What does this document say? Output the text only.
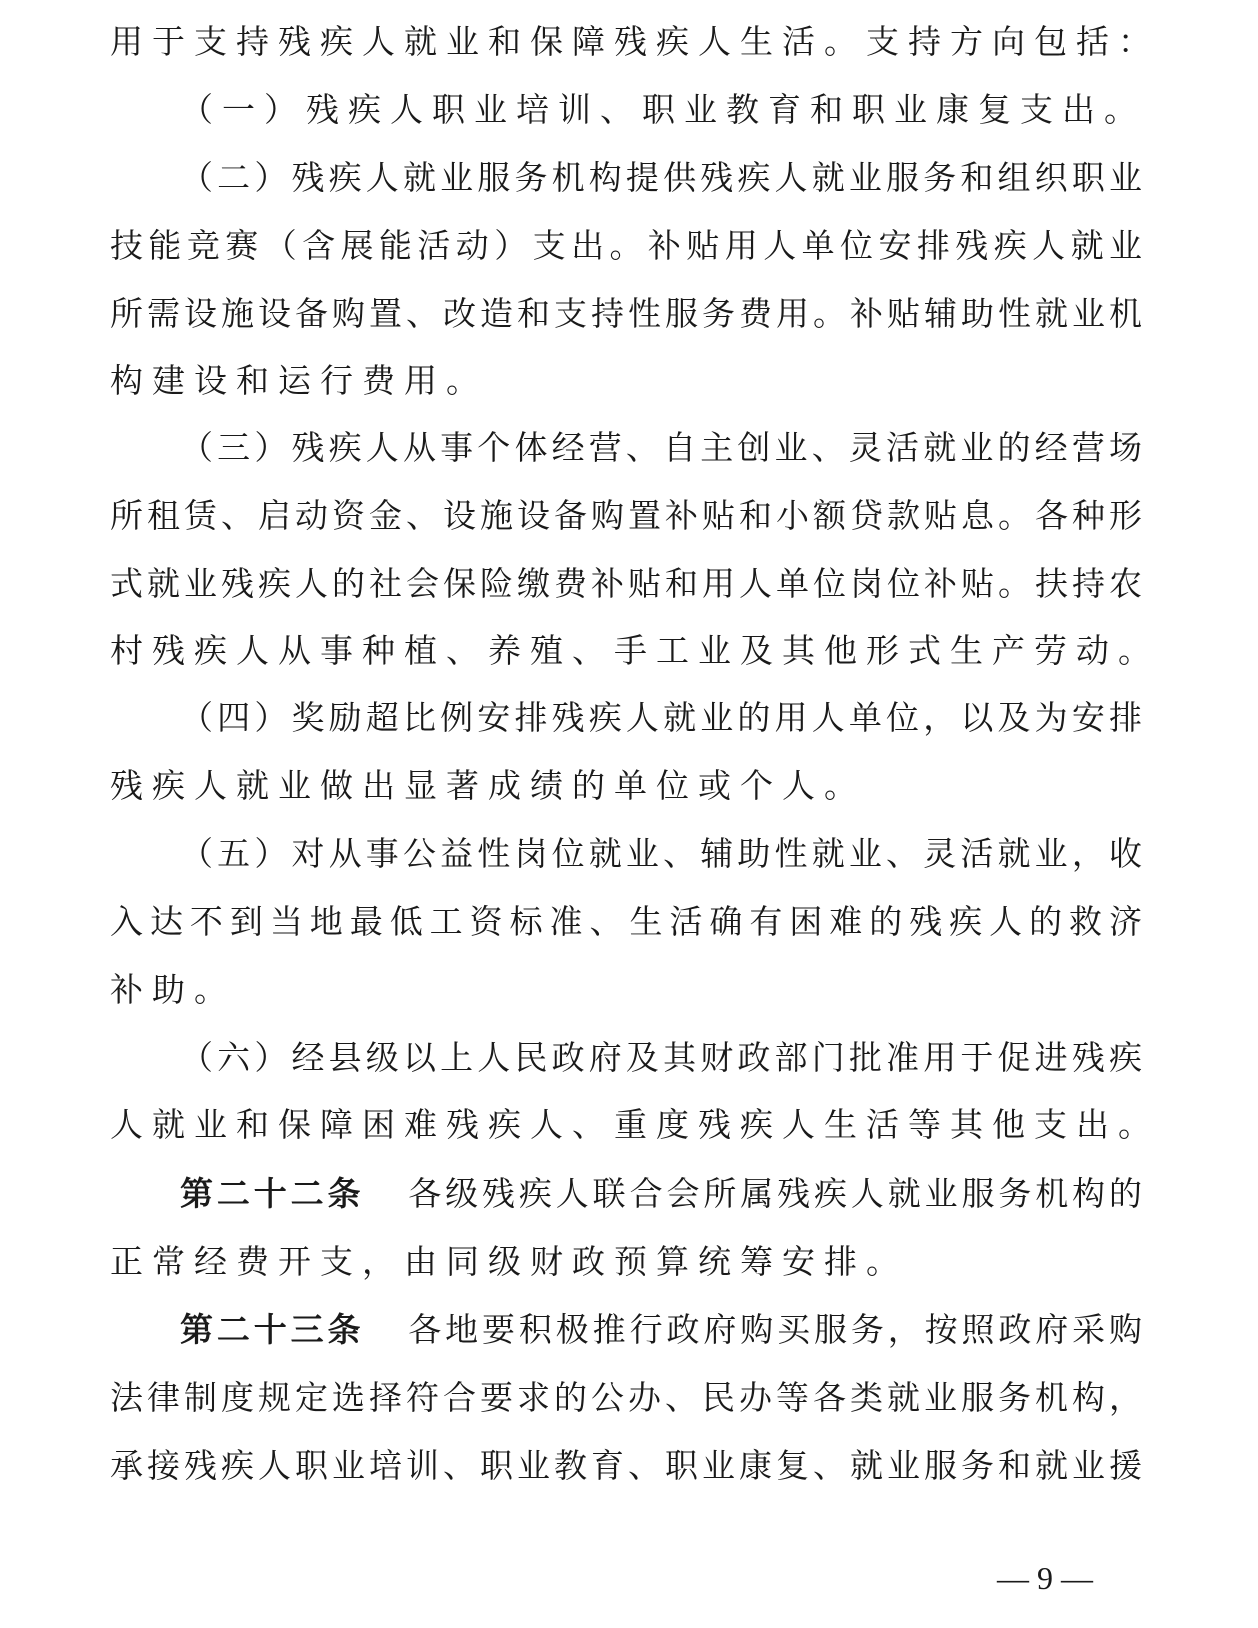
用于支持残疾人就业和保障残疾人生活。支持方向包括：
（一）残疾人职业培训、职业教育和职业康复支出。
（二）残疾人就业服务机构提供残疾人就业服务和组织职业
技能竞赛（含展能活动）支出。补贴用人单位安排残疾人就业
所需设施设备购置、改造和支持性服务费用。补贴辅助性就业机
构建设和运行费用。
（三）残疾人从事个体经营、自主创业、灵活就业的经营场
所租赁、启动资金、设施设备购置补贴和小额贷款贴息。各种形
式就业残疾人的社会保险缴费补贴和用人单位岗位补贴。扶持农
村残疾人从事种植、养殖、手工业及其他形式生产劳动。
（四）奖励超比例安排残疾人就业的用人单位，以及为安排
残疾人就业做出显著成绩的单位或个人。
（五）对从事公益性岗位就业、辅助性就业、灵活就业，收
入达不到当地最低工资标准、生活确有困难的残疾人的救济
补助。
（六）经县级以上人民政府及其财政部门批准用于促进残疾
人就业和保障困难残疾人、重度残疾人生活等其他支出。
第二十二条 各级残疾人联合会所属残疾人就业服务机构的
正常经费开支，由同级财政预算统筹安排。
第二十三条 各地要积极推行政府购买服务，按照政府采购
法律制度规定选择符合要求的公办、民办等各类就业服务机构，
承接残疾人职业培训、职业教育、职业康复、就业服务和就业援
— 9 —
